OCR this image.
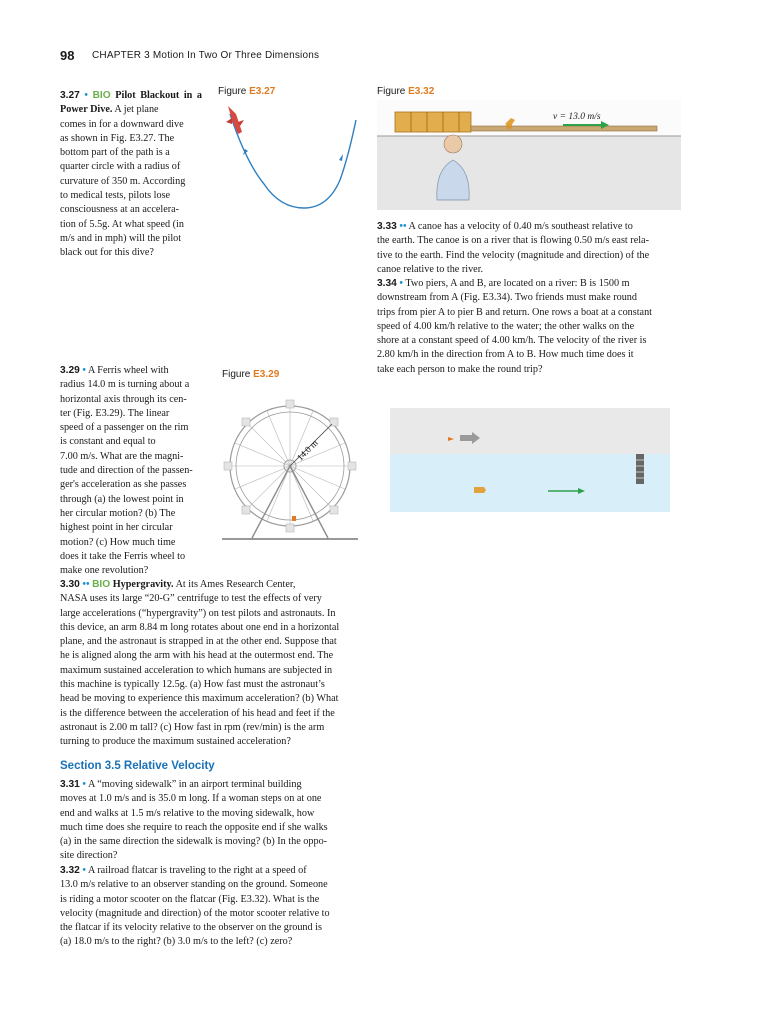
98 CHAPTER 3 Motion In Two Or Three Dimensions
3.27 • BIO Pilot Blackout in a Power Dive. A jet plane
comes in for a downward dive
as shown in Fig. E3.27. The
bottom part of the path is a
quarter circle with a radius of
curvature of 350 m. According
to medical tests, pilots lose
consciousness at an accelera-
tion of 5.5g. At what speed (in
m/s and in mph) will the pilot
black out for this dive?
Figure E3.27	Figure E3.32
v = 13.0 m/s
3.33 •• A canoe has a velocity of 0.40 m/s southeast relative to
the earth. The canoe is on a river that is flowing 0.50 m/s east rela-
tive to the earth. Find the velocity (magnitude and direction) of the
canoe relative to the river.
3.34 • Two piers, A and B, are located on a river: B is 1500 m
downstream from A (Fig. E3.34). Two friends must make round
trips from pier A to pier B and return. One rows a boat at a constant
speed of 4.00 km/h relative to the water; the other walks on the
shore at a constant speed of 4.00 km/h. The velocity of the river is
2.80 km/h in the direction from A to B. How much time does it
take each person to make the round trip?
3.29 • A Ferris wheel with
radius 14.0 m is turning about a
horizontal axis through its cen-
ter (Fig. E3.29). The linear
speed of a passenger on the rim
is constant and equal to
7.00 m/s. What are the magni-
tude and direction of the passen-
ger's acceleration as she passes
through (a) the lowest point in
her circular motion? (b) The
highest point in her circular
motion? (c) How much time
does it take the Ferris wheel to
make one revolution?
Figure E3.29
14.0 m
3.30 •• BIO Hypergravity. At its Ames Research Center,
NASA uses its large “20-G” centrifuge to test the effects of very
large accelerations (“hypergravity”) on test pilots and astronauts. In
this device, an arm 8.84 m long rotates about one end in a horizontal
plane, and the astronaut is strapped in at the other end. Suppose that
he is aligned along the arm with his head at the outermost end. The
maximum sustained acceleration to which humans are subjected in
this machine is typically 12.5g. (a) How fast must the astronaut’s
head be moving to experience this maximum acceleration? (b) What
is the difference between the acceleration of his head and feet if the
astronaut is 2.00 m tall? (c) How fast in rpm (rev/min) is the arm
turning to produce the maximum sustained acceleration?
Section 3.5 Relative Velocity
3.31 • A “moving sidewalk” in an airport terminal building
moves at 1.0 m/s and is 35.0 m long. If a woman steps on at one
end and walks at 1.5 m/s relative to the moving sidewalk, how
much time does she require to reach the opposite end if she walks
(a) in the same direction the sidewalk is moving? (b) In the oppo-
site direction?
3.32 • A railroad flatcar is traveling to the right at a speed of
13.0 m/s relative to an observer standing on the ground. Someone
is riding a motor scooter on the flatcar (Fig. E3.32). What is the
velocity (magnitude and direction) of the motor scooter relative to
the flatcar if its velocity relative to the observer on the ground is
(a) 18.0 m/s to the right? (b) 3.0 m/s to the left? (c) zero?
